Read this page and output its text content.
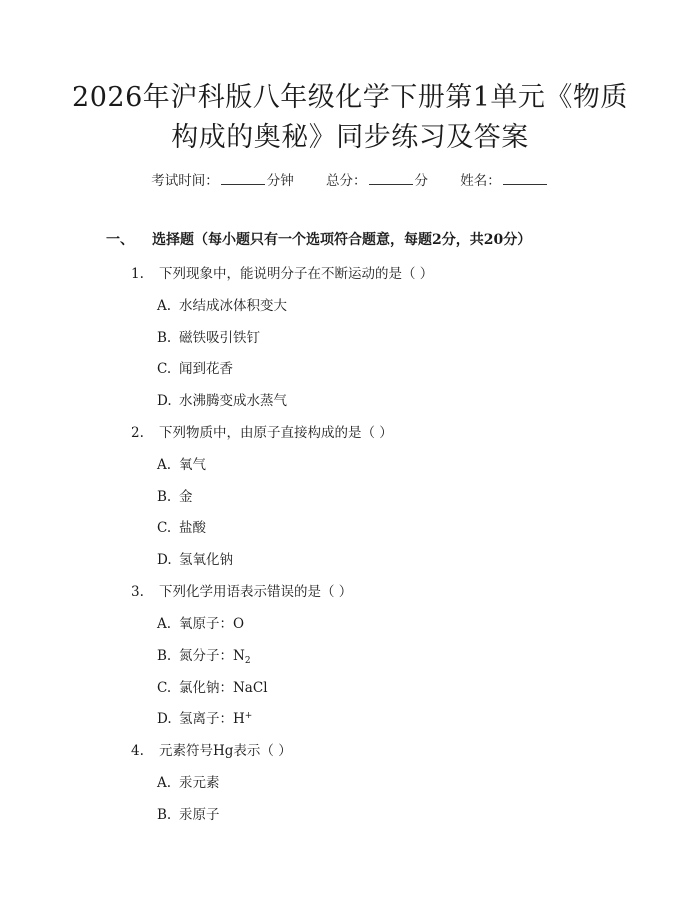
2026年沪科版八年级化学下册第1单元《物质构成的奥秘》同步练习及答案
考试时间：	分钟 总分：	分 姓名：
一、 选择题（每小题只有一个选项符合题意，每题2分，共20分）
1. 下列现象中，能说明分子在不断运动的是（ ）
A. 水结成冰体积变大
B. 磁铁吸引铁钉
C. 闻到花香
D. 水沸腾变成水蒸气
2. 下列物质中，由原子直接构成的是（ ）
A. 氧气
B. 金
C. 盐酸
D. 氢氧化钠
3. 下列化学用语表示错误的是（ ）
A. 氧原子：O
B. 氮分子：$N_2$
C. 氯化钠：NaCl
D. 氢离子：H+
4. 元素符号Hg表示（ ）
A. 汞元素
B. 汞原子
